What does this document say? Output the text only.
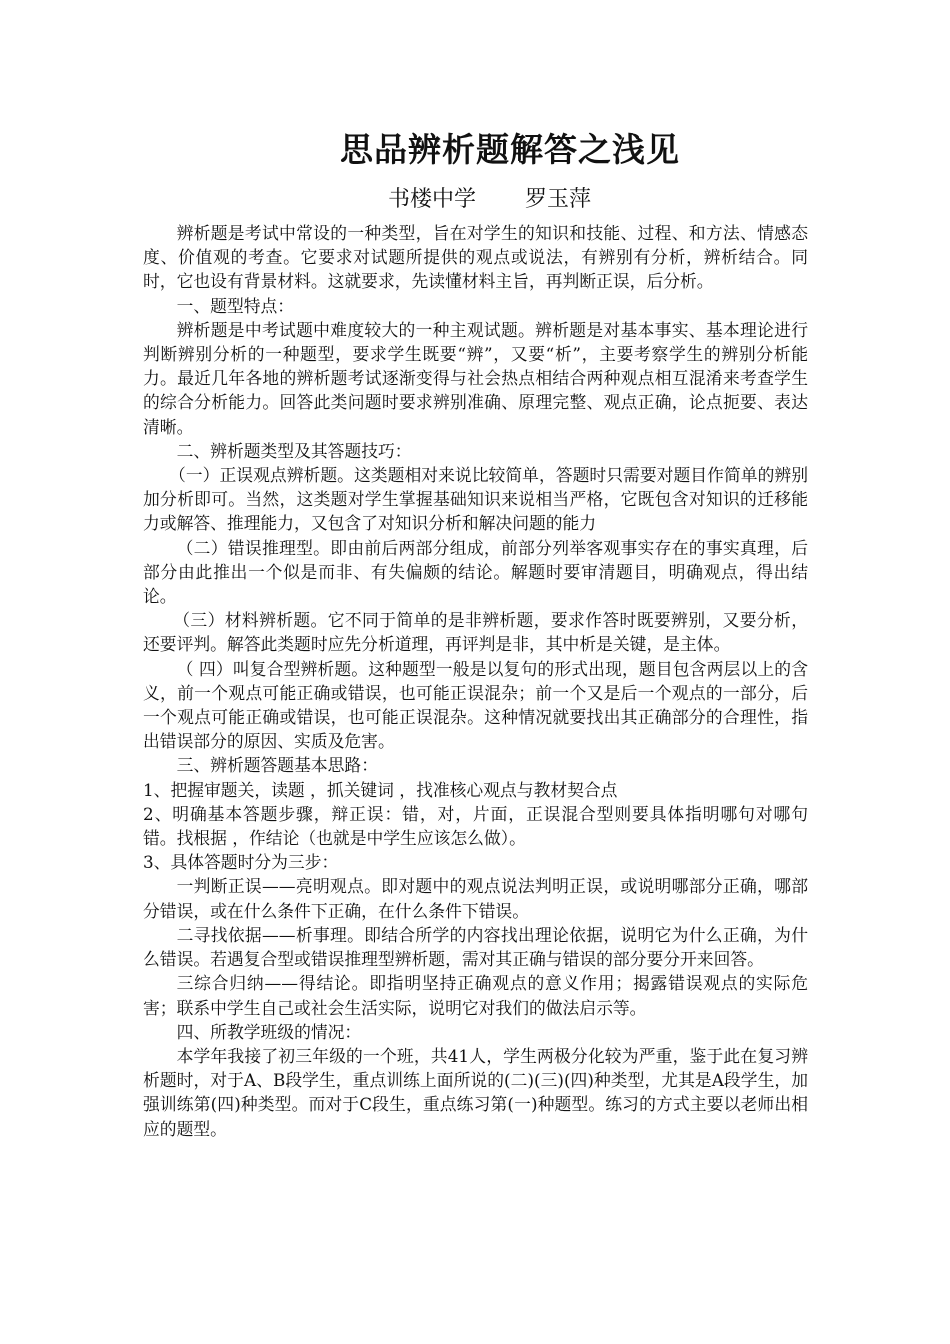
思品辨析题解答之浅见
书楼中学       罗玉萍

辨析题是考试中常设的一种类型，旨在对学生的知识和技能、过程、和方法、情感态度、价值观的考查。它要求对试题所提供的观点或说法，有辨别有分析，辨析结合。同时，它也设有背景材料。这就要求，先读懂材料主旨，再判断正误，后分析。

一、题型特点：

辨析题是中考试题中难度较大的一种主观试题。辨析题是对基本事实、基本理论进行判断辨别分析的一种题型，要求学生既要“辨”，又要“析”，主要考察学生的辨别分析能力。最近几年各地的辨析题考试逐渐变得与社会热点相结合两种观点相互混淆来考查学生的综合分析能力。回答此类问题时要求辨别准确、原理完整、观点正确，论点扼要、表达清晰。

二、辨析题类型及其答题技巧：

（一）正误观点辨析题。这类题相对来说比较简单，答题时只需要对题目作简单的辨别加分析即可。当然，这类题对学生掌握基础知识来说相当严格，它既包含对知识的迁移能力或解答、推理能力，又包含了对知识分析和解决问题的能力

（二）错误推理型。即由前后两部分组成，前部分列举客观事实存在的事实真理，后部分由此推出一个似是而非、有失偏颇的结论。解题时要审清题目，明确观点，得出结论。

（三）材料辨析题。它不同于简单的是非辨析题，要求作答时既要辨别，又要分析，还要评判。解答此类题时应先分析道理，再评判是非，其中析是关键，是主体。

（ 四）叫复合型辨析题。这种题型一般是以复句的形式出现，题目包含两层以上的含义，前一个观点可能正确或错误，也可能正误混杂；前一个又是后一个观点的一部分，后一个观点可能正确或错误，也可能正误混杂。这种情况就要找出其正确部分的合理性，指出错误部分的原因、实质及危害。

三、辨析题答题基本思路：

1、把握审题关，读题 ，抓关键词 ，找准核心观点与教材契合点

2、明确基本答题步骤，辩正误：错，对，片面，正误混合型则要具体指明哪句对哪句错。找根据 ，作结论（也就是中学生应该怎么做）。

3、具体答题时分为三步：

一判断正误——亮明观点。即对题中的观点说法判明正误，或说明哪部分正确，哪部分错误，或在什么条件下正确，在什么条件下错误。

二寻找依据——析事理。即结合所学的内容找出理论依据，说明它为什么正确，为什么错误。若遇复合型或错误推理型辨析题，需对其正确与错误的部分要分开来回答。

三综合归纳——得结论。即指明坚持正确观点的意义作用；揭露错误观点的实际危害；联系中学生自己或社会生活实际，说明它对我们的做法启示等。

四、所教学班级的情况：

本学年我接了初三年级的一个班，共41人，学生两极分化较为严重，鉴于此在复习辨析题时，对于A、B段学生，重点训练上面所说的(二)(三)(四)种类型，尤其是A段学生，加强训练第(四)种类型。而对于C段生，重点练习第(一)种题型。练习的方式主要以老师出相应的题型。
